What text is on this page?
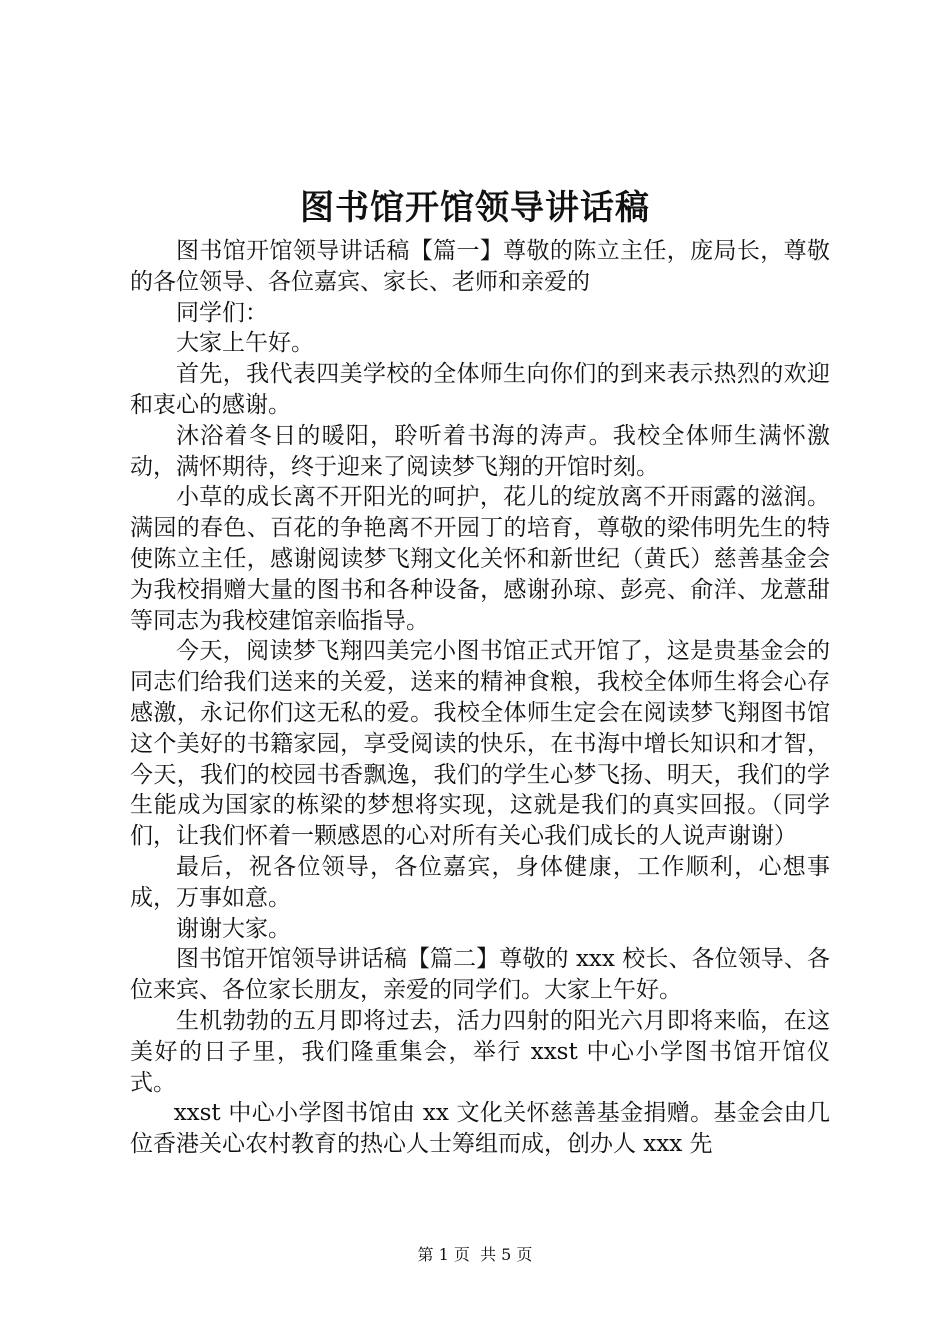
图书馆开馆领导讲话稿

图书馆开馆领导讲话稿【篇一】尊敬的陈立主任，庞局长，尊敬的各位领导、各位嘉宾、家长、老师和亲爱的

同学们：

大家上午好。

首先，我代表四美学校的全体师生向你们的到来表示热烈的欢迎和衷心的感谢。

沐浴着冬日的暖阳，聆听着书海的涛声。我校全体师生满怀激动，满怀期待，终于迎来了阅读梦飞翔的开馆时刻。

小草的成长离不开阳光的呵护，花儿的绽放离不开雨露的滋润。满园的春色、百花的争艳离不开园丁的培育，尊敬的梁伟明先生的特使陈立主任，感谢阅读梦飞翔文化关怀和新世纪（黄氏）慈善基金会为我校捐赠大量的图书和各种设备，感谢孙琼、彭亮、俞洋、龙薏甜等同志为我校建馆亲临指导。

今天，阅读梦飞翔四美完小图书馆正式开馆了，这是贵基金会的同志们给我们送来的关爱，送来的精神食粮，我校全体师生将会心存感激，永记你们这无私的爱。我校全体师生定会在阅读梦飞翔图书馆这个美好的书籍家园，享受阅读的快乐，在书海中增长知识和才智，今天，我们的校园书香飘逸，我们的学生心梦飞扬、明天，我们的学生能成为国家的栋梁的梦想将实现，这就是我们的真实回报。（同学们，让我们怀着一颗感恩的心对所有关心我们成长的人说声谢谢）

最后，祝各位领导，各位嘉宾，身体健康，工作顺利，心想事成，万事如意。

谢谢大家。

图书馆开馆领导讲话稿【篇二】尊敬的 xxx 校长、各位领导、各位来宾、各位家长朋友，亲爱的同学们。大家上午好。

生机勃勃的五月即将过去，活力四射的阳光六月即将来临，在这美好的日子里，我们隆重集会，举行 xxst 中心小学图书馆开馆仪式。

xxst 中心小学图书馆由 xx 文化关怀慈善基金捐赠。基金会由几位香港关心农村教育的热心人士筹组而成，创办人 xxx 先

第 1 页  共 5 页
